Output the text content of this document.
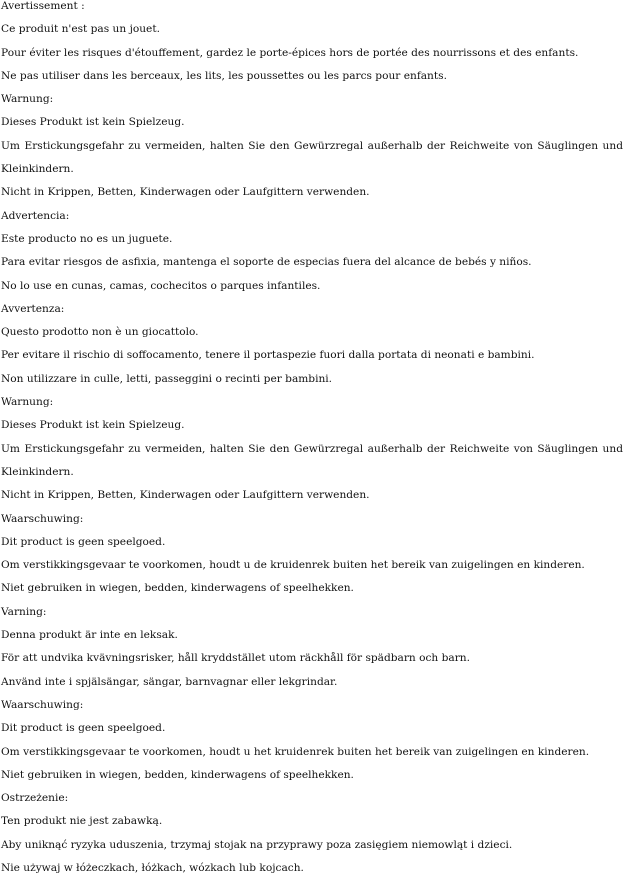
Avertissement :
Ce produit n'est pas un jouet.
Pour éviter les risques d'étouffement, gardez le porte-épices hors de portée des nourrissons et des enfants.
Ne pas utiliser dans les berceaux, les lits, les poussettes ou les parcs pour enfants.
Warnung:
Dieses Produkt ist kein Spielzeug.
Um Erstickungsgefahr zu vermeiden, halten Sie den Gewürzregal außerhalb der Reichweite von Säuglingen und
Kleinkindern.
Nicht in Krippen, Betten, Kinderwagen oder Laufgittern verwenden.
Advertencia:
Este producto no es un juguete.
Para evitar riesgos de asfixia, mantenga el soporte de especias fuera del alcance de bebés y niños.
No lo use en cunas, camas, cochecitos o parques infantiles.
Avvertenza:
Questo prodotto non è un giocattolo.
Per evitare il rischio di soffocamento, tenere il portaspezie fuori dalla portata di neonati e bambini.
Non utilizzare in culle, letti, passeggini o recinti per bambini.
Warnung:
Dieses Produkt ist kein Spielzeug.
Um Erstickungsgefahr zu vermeiden, halten Sie den Gewürzregal außerhalb der Reichweite von Säuglingen und
Kleinkindern.
Nicht in Krippen, Betten, Kinderwagen oder Laufgittern verwenden.
Waarschuwing:
Dit product is geen speelgoed.
Om verstikkingsgevaar te voorkomen, houdt u de kruidenrek buiten het bereik van zuigelingen en kinderen.
Niet gebruiken in wiegen, bedden, kinderwagens of speelhekken.
Varning:
Denna produkt är inte en leksak.
För att undvika kvävningsrisker, håll kryddstället utom räckhåll för spädbarn och barn.
Använd inte i spjälsängar, sängar, barnvagnar eller lekgrindar.
Waarschuwing:
Dit product is geen speelgoed.
Om verstikkingsgevaar te voorkomen, houdt u het kruidenrek buiten het bereik van zuigelingen en kinderen.
Niet gebruiken in wiegen, bedden, kinderwagens of speelhekken.
Ostrzeżenie:
Ten produkt nie jest zabawką.
Aby uniknąć ryzyka uduszenia, trzymaj stojak na przyprawy poza zasięgiem niemowląt i dzieci.
Nie używaj w łóżeczkach, łóżkach, wózkach lub kojcach.
